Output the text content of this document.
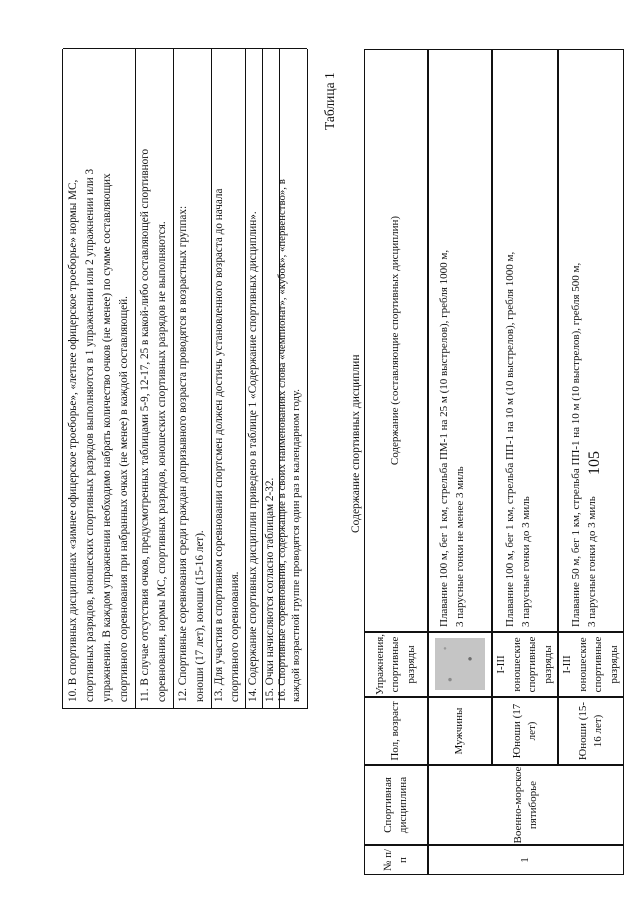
105
10. В спортивных дисциплинах «зимнее офицерское троеборье», «летнее офицерское троеборье» нормы МС, спортивных разрядов, юношеских спортивных разрядов выполняются в 1 упражнении или 2 упражнении или 3 упражнении. В каждом упражнении необходимо набрать количество очков (не менее) по сумме составляющих спортивного соревнования при набранных очках (не менее) в каждой составляющей. 11. В случае отсутствия очков, предусмотренных таблицами 5-9, 12-17, 25 в какой-либо составляющей спортивного соревнования, нормы МС, спортивных разрядов, юношеских спортивных разрядов не выполняются. 12. Спортивные соревнования среди граждан допризывного возраста проводятся в возрастных группах: юноши (17 лет), юноши (15-16 лет). 13. Для участия в спортивном соревновании спортсмен должен достичь установленного возраста до начала спортивного соревнования. 14. Содержание спортивных дисциплин приведено в таблице 1 «Содержание спортивных дисциплин». 15. Очки начисляются согласно таблицам 2-32. 16. Спортивные соревнования, содержащие в своих наименованиях слова «чемпионат», «кубок», «первенство», в каждой возрастной группе проводятся один раз в календарном году.
Таблица 1
Содержание спортивных дисциплин
№ п/п
Спортивная дисциплина
Пол, возраст
Упражнения, спортивные разряды
Содержание (составляющие спортивных дисциплин)
1
Военно-морское пятиборье
Мужчины
Плавание 100 м, бег 1 км, стрельба ПМ-1 на 25 м (10 выстрелов), гребля 1000 м, 3 парусные гонки не менее 3 миль
Юноши (17 лет)
I-III юношеские спортивные разряды
Плавание 100 м, бег 1 км, стрельба ПП-1 на 10 м (10 выстрелов), гребля 1000 м, 3 парусные гонки до 3 миль
Юноши (15-16 лет)
I-III юношеские спортивные разряды
Плавание 50 м, бег 1 км, стрельба ПП-1 на 10 м (10 выстрелов), гребля 500 м, 3 парусные гонки до 3 миль
